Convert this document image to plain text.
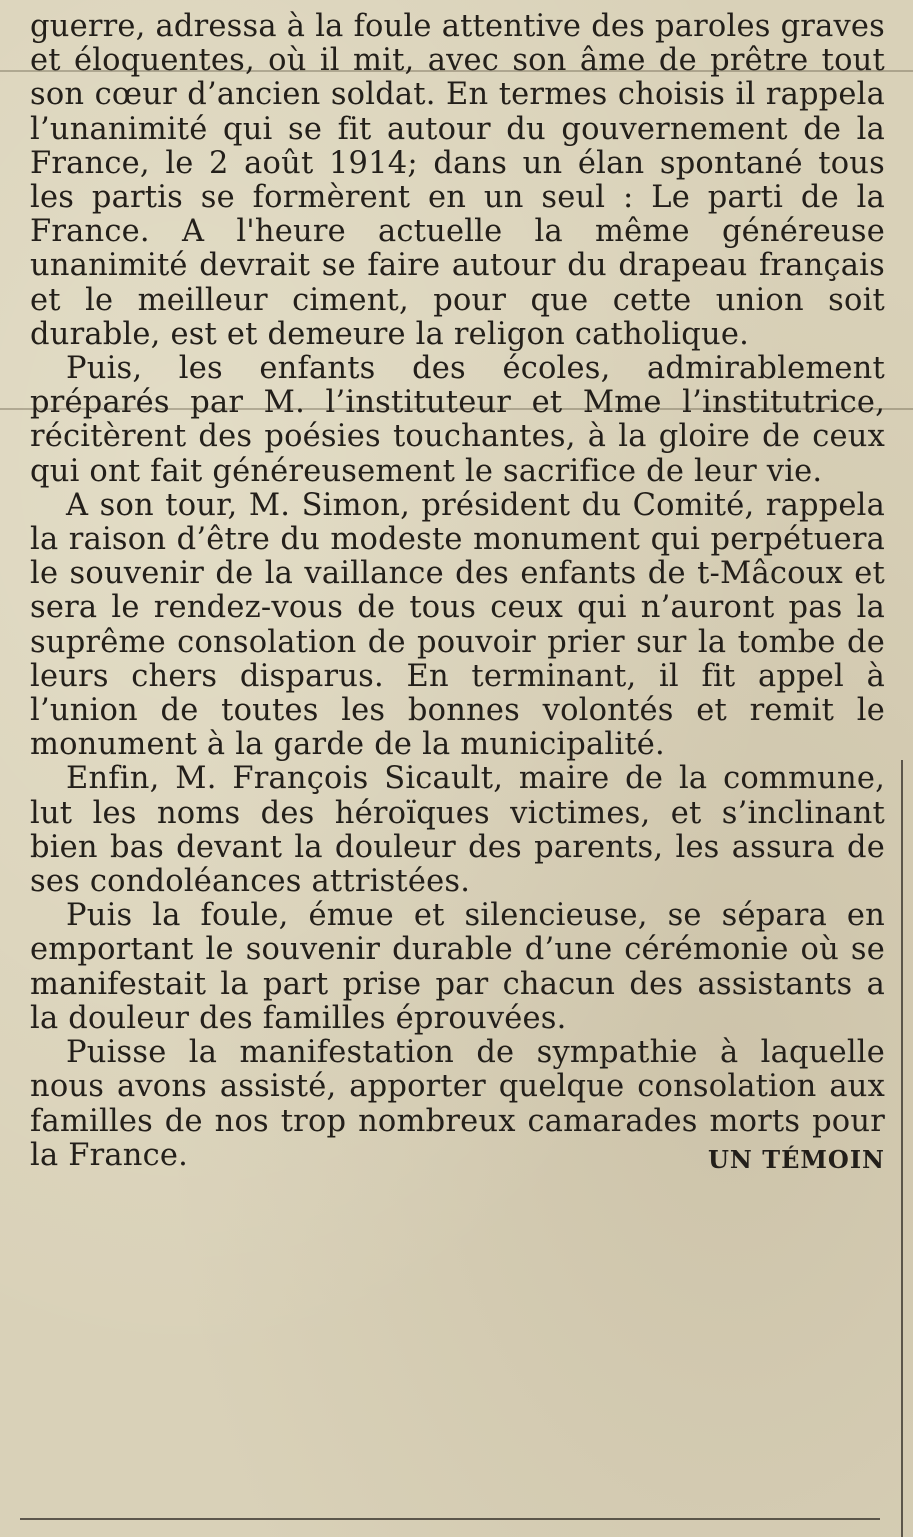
guerre, adressa à la foule attentive des paroles graves et éloquentes, où il mit, avec son âme de prêtre tout son cœur d’ancien soldat. En termes choisis il rappela l’unanimité qui se fit autour du gouvernement de la France, le 2 août 1914; dans un élan spontané tous les partis se formèrent en un seul : Le parti de la France. A l'heure actuelle la même généreuse unanimité devrait se faire autour du drapeau français et le meilleur ciment, pour que cette union soit durable, est et demeure la religon catholique.

Puis, les enfants des écoles, admirablement préparés par M. l’instituteur et Mme l’institutrice, récitèrent des poésies touchantes, à la gloire de ceux qui ont fait généreusement le sacrifice de leur vie.

A son tour, M. Simon, président du Comité, rappela la raison d’être du modeste monument qui perpétuera le souvenir de la vaillance des enfants de t-Mâcoux et sera le rendez-vous de tous ceux qui n’auront pas la suprême consolation de pouvoir prier sur la tombe de leurs chers disparus. En terminant, il fit appel à l’union de toutes les bonnes volontés et remit le monument à la garde de la municipalité.

Enfin, M. François Sicault, maire de la commune, lut les noms des héroïques victimes, et s’inclinant bien bas devant la douleur des parents, les assura de ses condoléances attristées.

Puis la foule, émue et silencieuse, se sépara en emportant le souvenir durable d’une cérémonie où se manifestait la part prise par chacun des assistants a la douleur des familles éprouvées.

Puisse la manifestation de sympathie à laquelle nous avons assisté, apporter quelque consolation aux familles de nos trop nombreux camarades morts pour la France.	UN TÉMOIN
